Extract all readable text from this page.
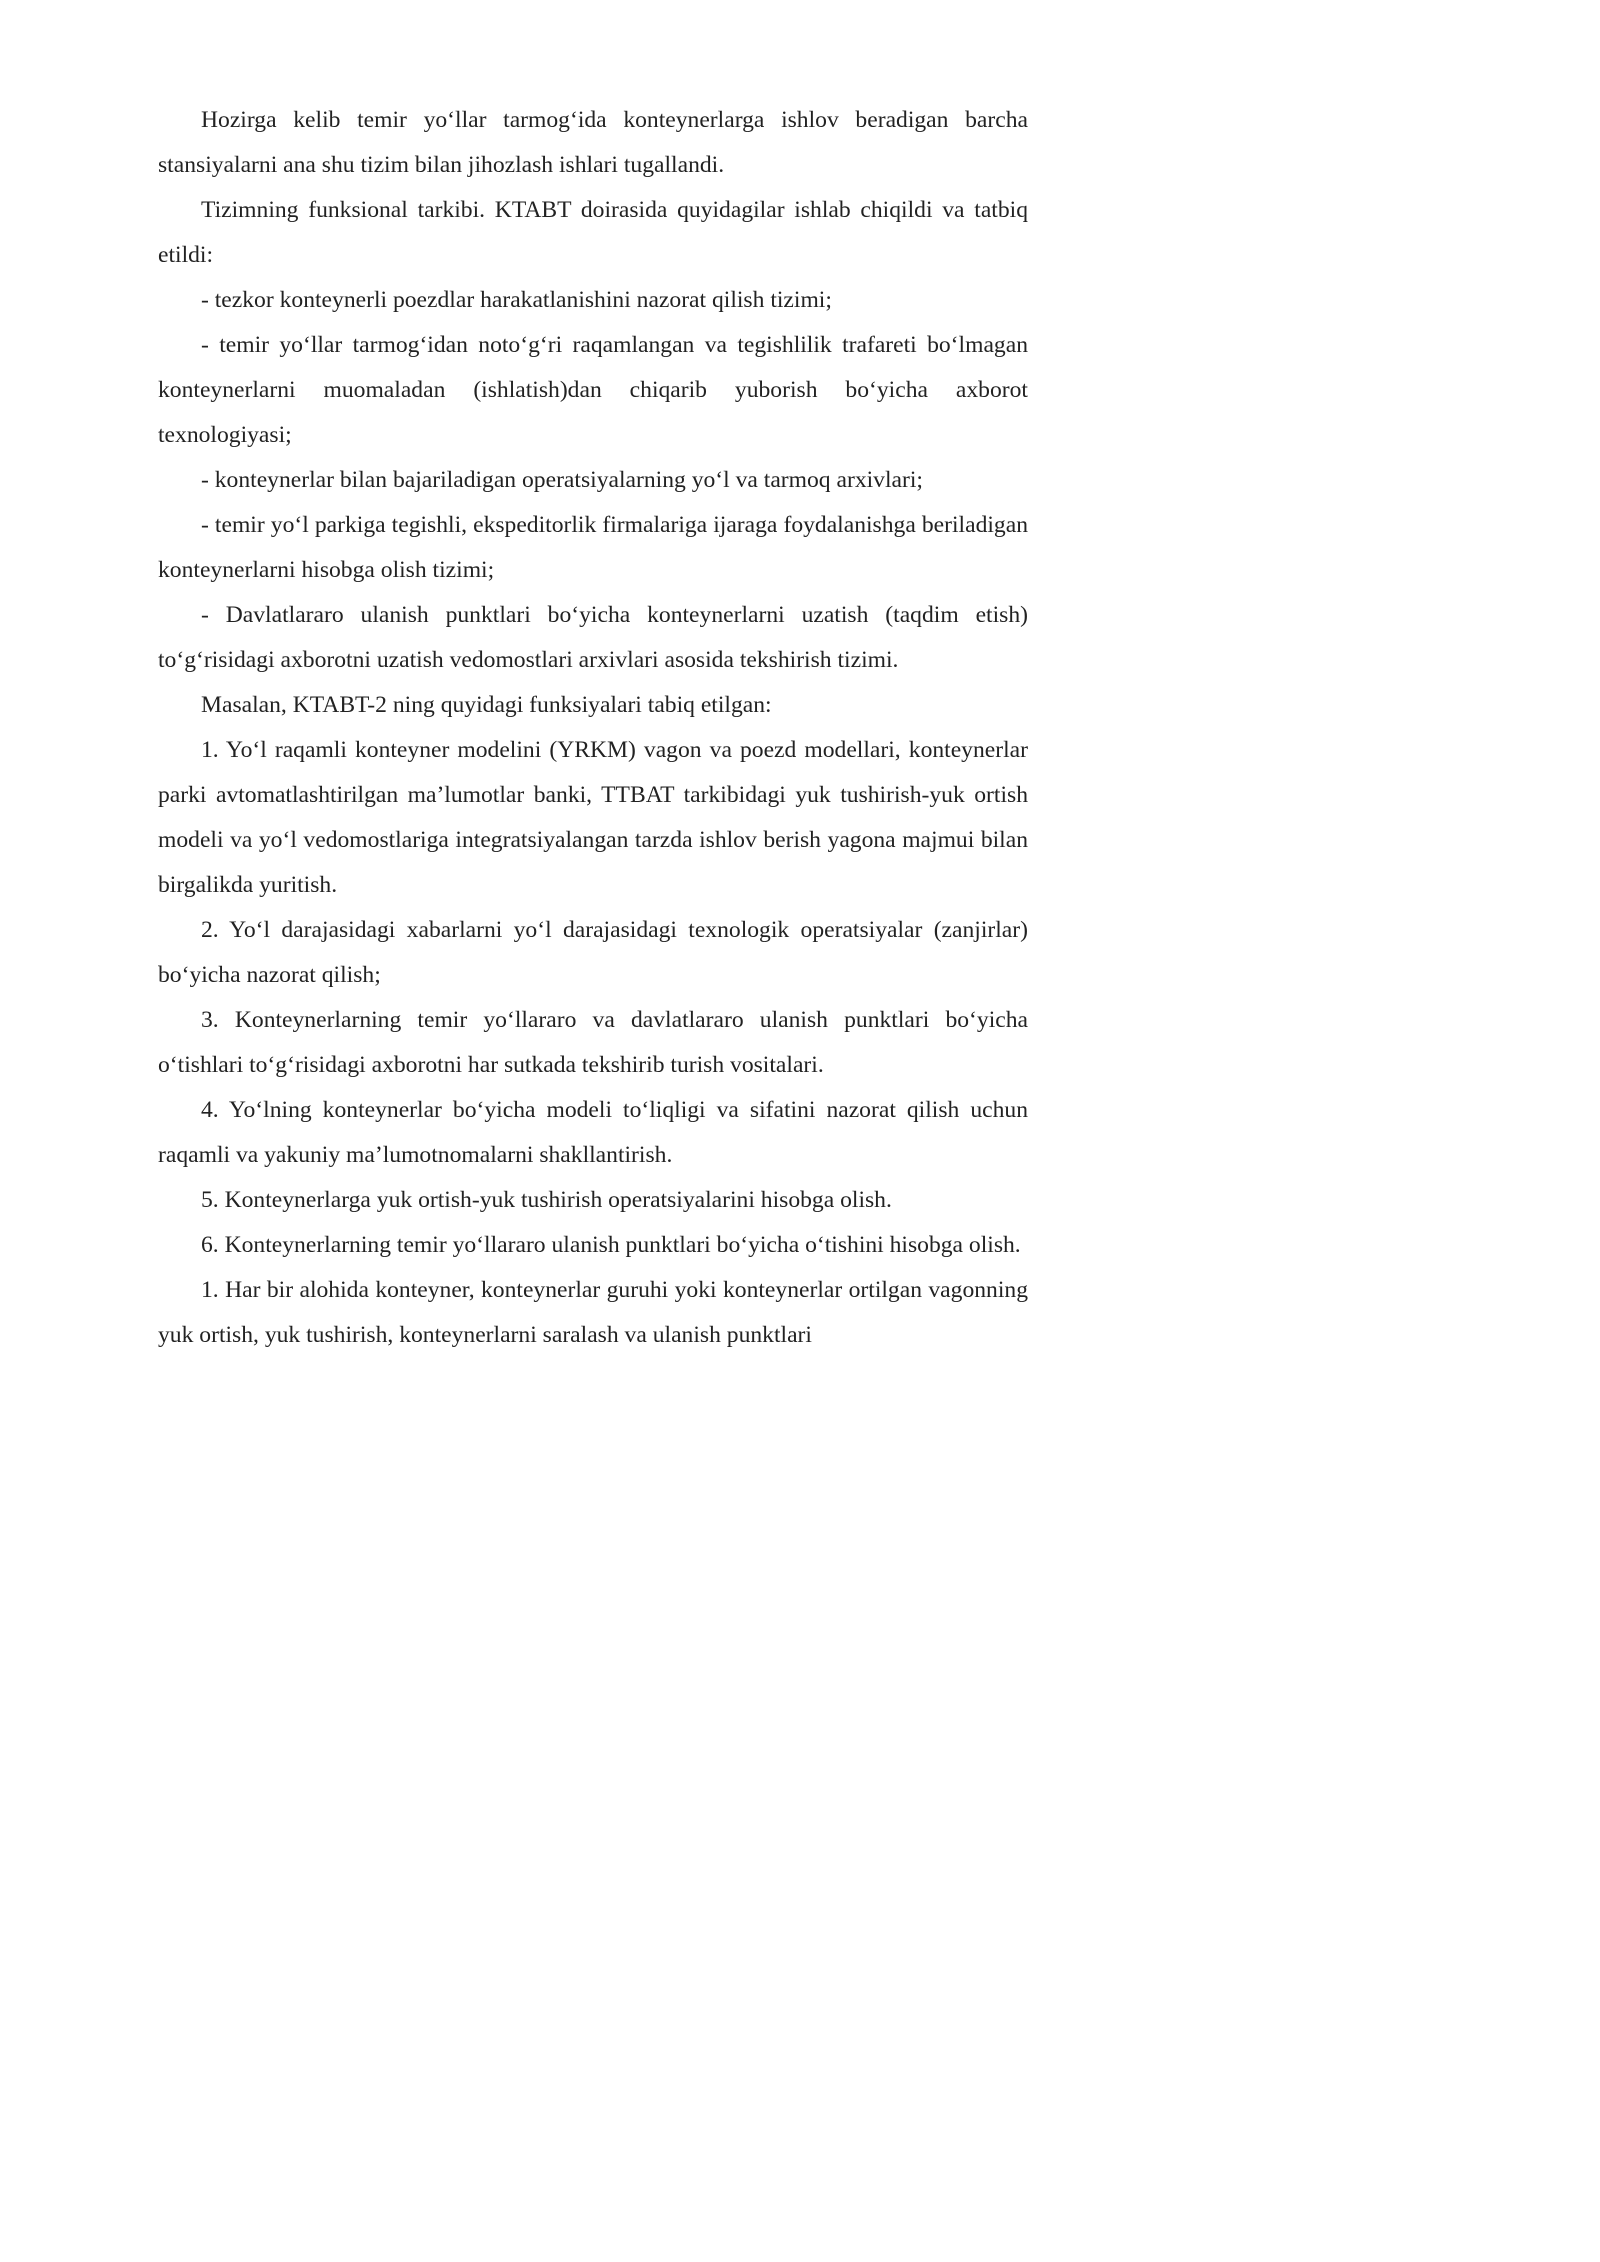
Hozirga kelib temir yo‘llar tarmog‘ida konteynerlarga ishlov beradigan barcha stansiyalarni ana shu tizim bilan jihozlash ishlari tugallandi.

Tizimning funksional tarkibi. KTABT doirasida quyidagilar ishlab chiqildi va tatbiq etildi:

- tezkor konteynerli poezdlar harakatlanishini nazorat qilish tizimi;

- temir yo‘llar tarmog‘idan noto‘g‘ri raqamlangan va tegishlilik trafareti bo‘lmagan konteynerlarni muomaladan (ishlatish)dan chiqarib yuborish bo‘yicha axborot texnologiyasi;

- konteynerlar bilan bajariladigan operatsiyalarning yo‘l va tarmoq arxivlari;

- temir yo‘l parkiga tegishli, ekspeditorlik firmalariga ijaraga foydalanishga beriladigan konteynerlarni hisobga olish tizimi;

- Davlatlararo ulanish punktlari bo‘yicha konteynerlarni uzatish (taqdim etish) to‘g‘risidagi axborotni uzatish vedomostlari arxivlari asosida tekshirish tizimi.

Masalan, KTABT-2 ning quyidagi funksiyalari tabiq etilgan:

1. Yo‘l raqamli konteyner modelini (YRKM) vagon va poezd modellari, konteynerlar parki avtomatlashtirilgan ma’lumotlar banki, TTBAT tarkibidagi yuk tushirish-yuk ortish modeli va yo‘l vedomostlariga integratsiyalangan tarzda ishlov berish yagona majmui bilan birgalikda yuritish.

2. Yo‘l darajasidagi xabarlarni yo‘l darajasidagi texnologik operatsiyalar (zanjirlar) bo‘yicha nazorat qilish;

3. Konteynerlarning temir yo‘llararo va davlatlararo ulanish punktlari bo‘yicha o‘tishlari to‘g‘risidagi axborotni har sutkada tekshirib turish vositalari.

4. Yo‘lning konteynerlar bo‘yicha modeli to‘liqligi va sifatini nazorat qilish uchun raqamli va yakuniy ma’lumotnomalarni shakllantirish.

5. Konteynerlarga yuk ortish-yuk tushirish operatsiyalarini hisobga olish.

6. Konteynerlarning temir yo‘llararo ulanish punktlari bo‘yicha o‘tishini hisobga olish.

1. Har bir alohida konteyner, konteynerlar guruhi yoki konteynerlar ortilgan vagonning yuk ortish, yuk tushirish, konteynerlarni saralash va ulanish punktlari
